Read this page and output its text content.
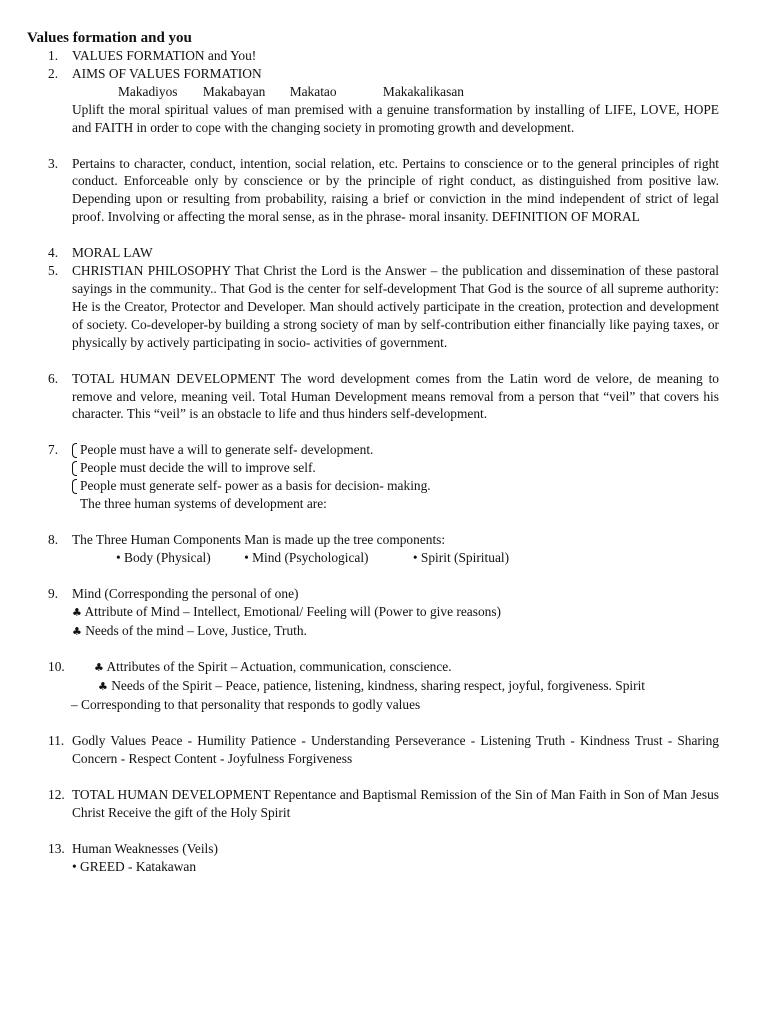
Values formation and you
1. VALUES FORMATION and You!
2. AIMS OF VALUES FORMATION
Makadiyos Makabayan Makatao	Makakalikasan
Uplift the moral spiritual values of man premised with a genuine transformation by installing of LIFE, LOVE, HOPE and FAITH in order to cope with the changing society in promoting growth and development.
3. Pertains to character, conduct, intention, social relation, etc. Pertains to conscience or to the general principles of right conduct. Enforceable only by conscience or by the principle of right conduct, as distinguished from positive law. Depending upon or resulting from probability, raising a brief or conviction in the mind independent of strict of legal proof. Involving or affecting the moral sense, as in the phrase- moral insanity. DEFINITION OF MORAL
4. MORAL LAW
5. CHRISTIAN PHILOSOPHY That Christ the Lord is the Answer – the publication and dissemination of these pastoral sayings in the community.. That God is the center for self-development That God is the source of all supreme authority: He is the Creator, Protector and Developer. Man should actively participate in the creation, protection and development of society. Co-developer-by building a strong society of man by self-contribution either financially like paying taxes, or physically by actively participating in socio- activities of government.
6. TOTAL HUMAN DEVELOPMENT The word development comes from the Latin word de velore, de meaning to remove and velore, meaning veil. Total Human Development means removal from a person that “veil” that covers his character. This “veil” is an obstacle to life and thus hinders self-development.
7.	People must have a will to generate self- development.
People must decide the will to improve self.
People must generate self- power as a basis for decision- making.
The three human systems of development are:
8. The Three Human Components Man is made up the tree components:
• Body (Physical) • Mind (Psychological)	• Spirit (Spiritual)
9. Mind (Corresponding the personal of one)
♣ Attribute of Mind – Intellect, Emotional/ Feeling will (Power to give reasons)
♣ Needs of the mind – Love, Justice, Truth.
10.	♣ Attributes of the Spirit – Actuation, communication, conscience.
♣ Needs of the Spirit – Peace, patience, listening, kindness, sharing respect, joyful, forgiveness. Spirit
– Corresponding to that personality that responds to godly values
11. Godly Values Peace - Humility Patience - Understanding Perseverance - Listening Truth - Kindness Trust - Sharing Concern - Respect Content - Joyfulness Forgiveness
12. TOTAL HUMAN DEVELOPMENT Repentance and Baptismal Remission of the Sin of Man Faith in Son of Man Jesus Christ Receive the gift of the Holy Spirit
13. Human Weaknesses (Veils)
• GREED - Katakawan
